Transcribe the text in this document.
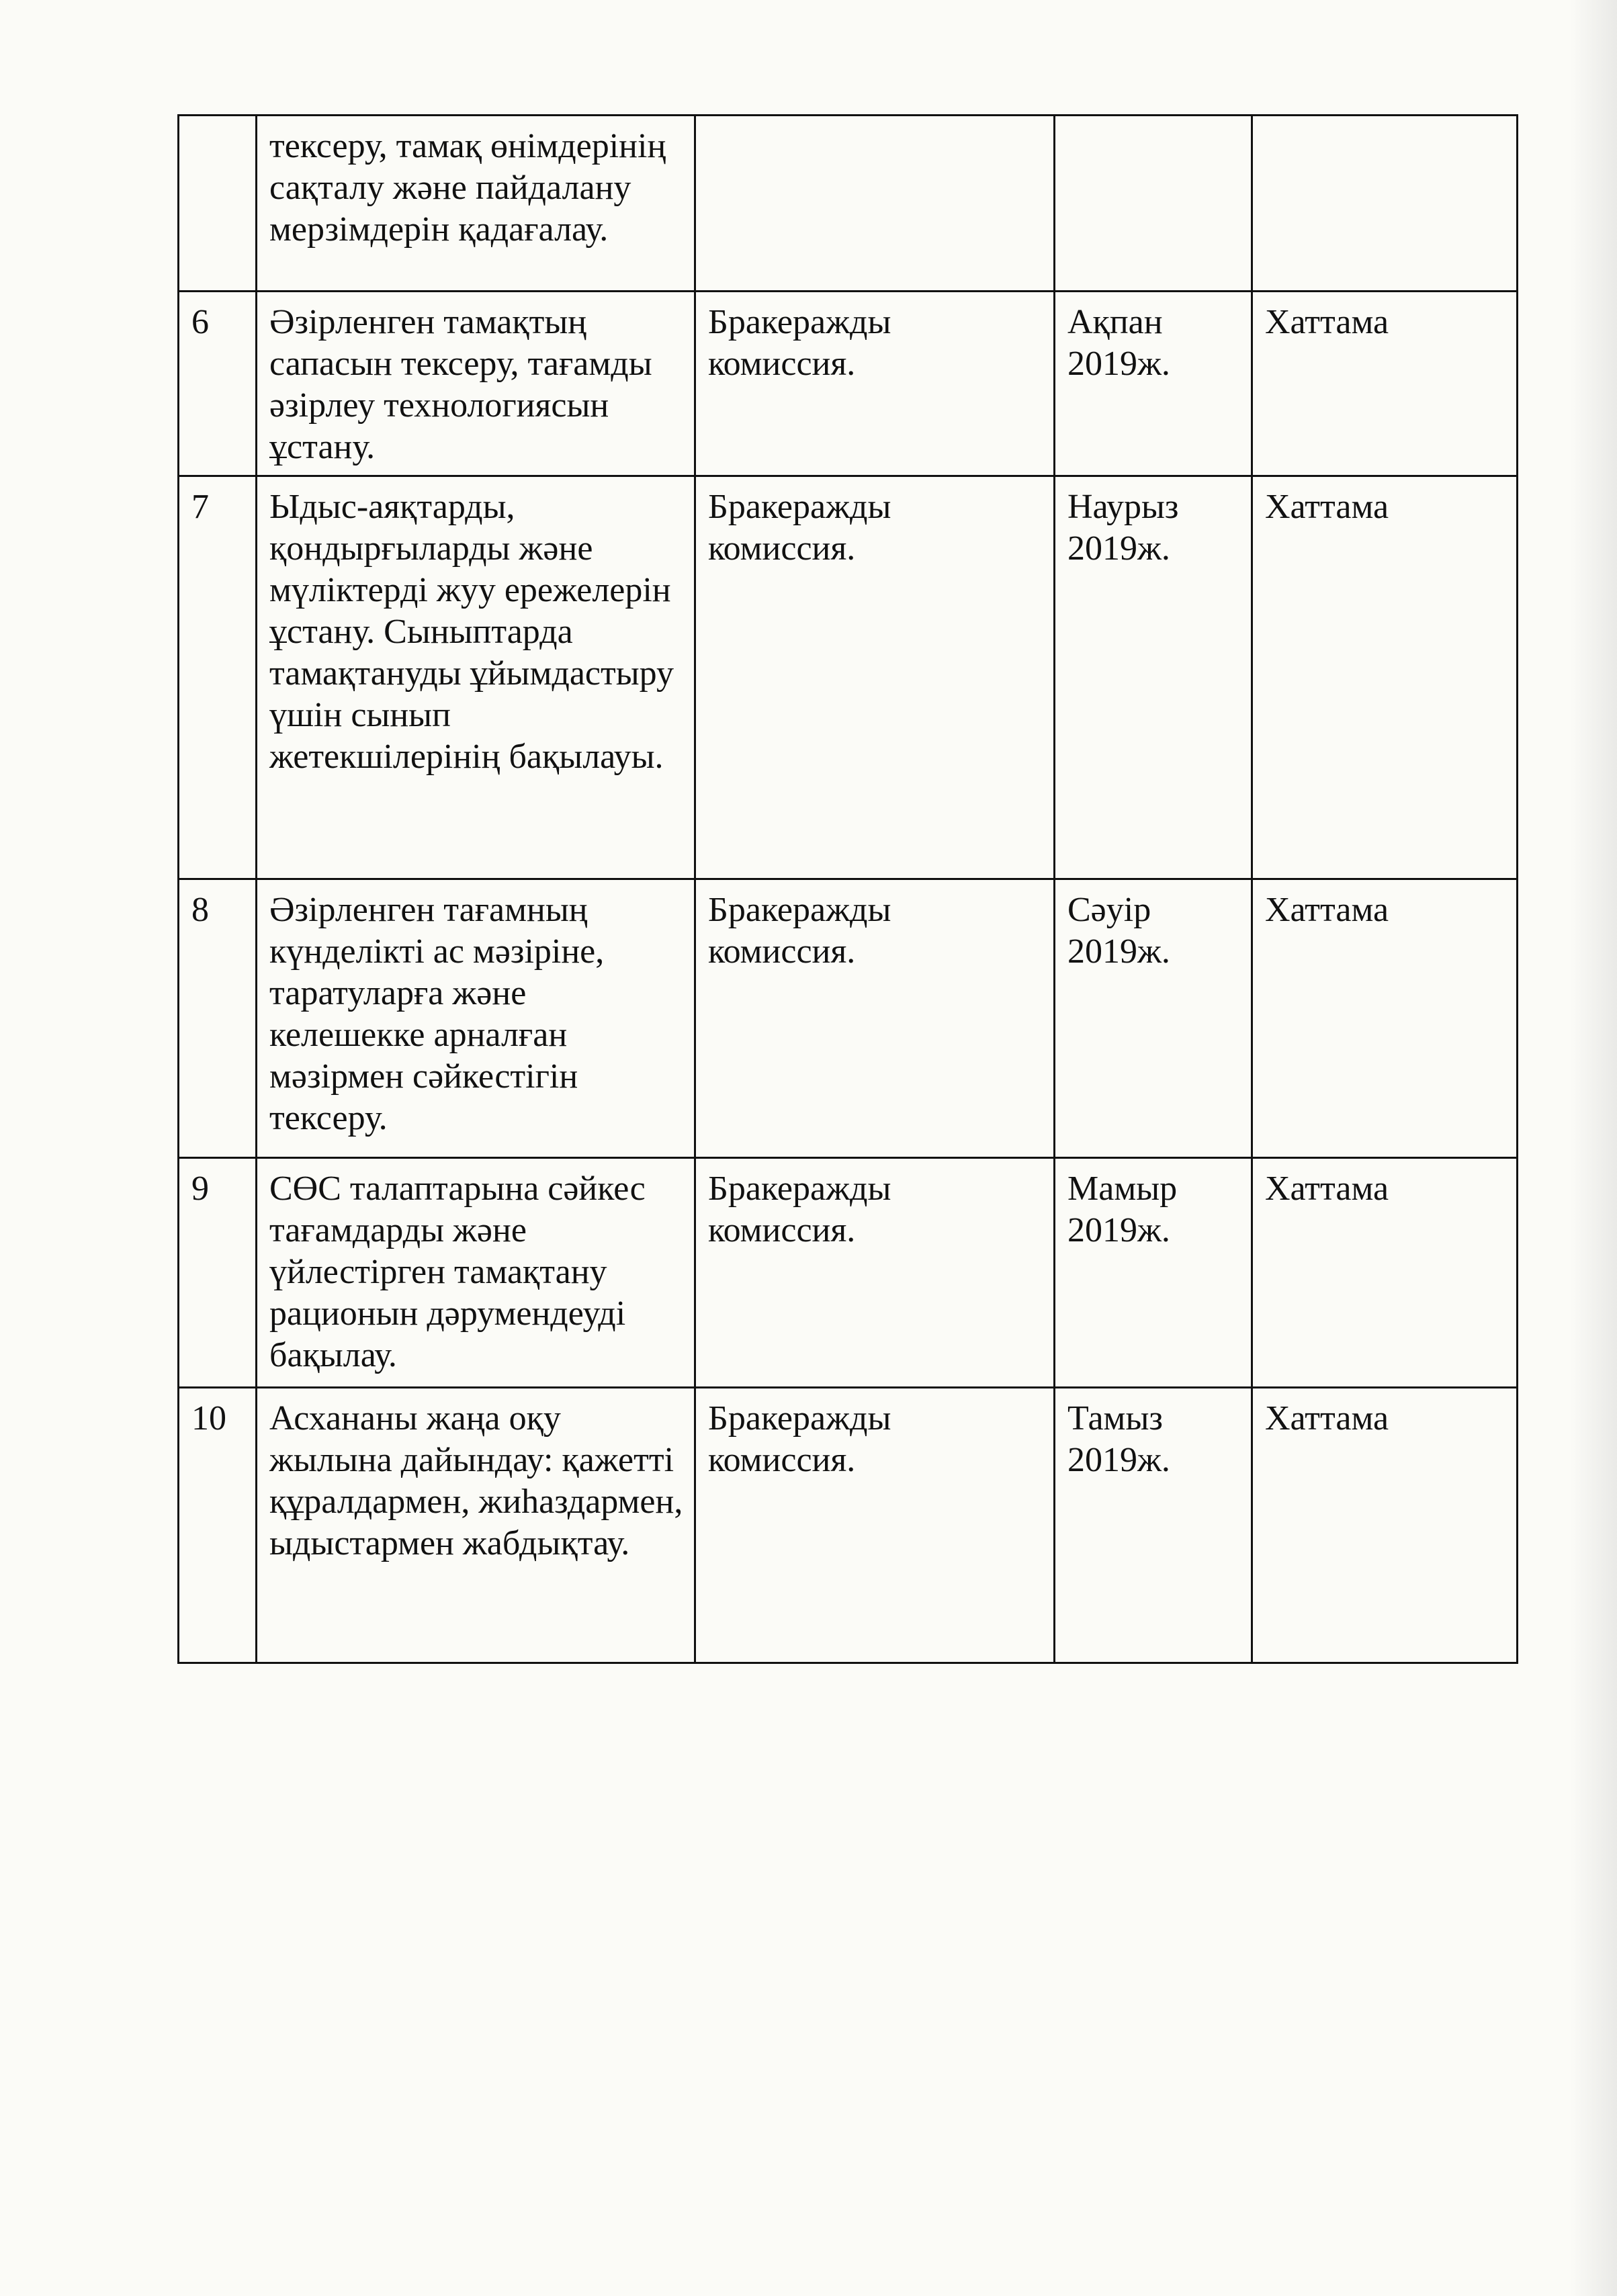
	тексеру, тамақ өнімдерінің сақталу және пайдалану мерзімдерін қадағалау.			
6	Әзірленген тамақтың сапасын тексеру, тағамды әзірлеу технологиясын ұстану.	Бракеражды комиссия.	Ақпан 2019ж.	Хаттама
7	Ыдыс-аяқтарды, қондырғыларды және мүліктерді жуу ережелерін ұстану. Сыныптарда тамақтануды ұйымдастыру үшін сынып жетекшілерінің бақылауы.	Бракеражды комиссия.	Наурыз 2019ж.	Хаттама
8	Әзірленген тағамның күнделікті ас мәзіріне, таратуларға және келешекке арналған мәзірмен сәйкестігін тексеру.	Бракеражды комиссия.	Сәуір 2019ж.	Хаттама
9	СӨС талаптарына сәйкес тағамдарды және үйлестірген тамақтану рационын дәрумендеуді бақылау.	Бракеражды комиссия.	Мамыр 2019ж.	Хаттама
10	Асхананы жаңа оқу жылына дайындау: қажетті құралдармен, жиһаздармен, ыдыстармен жабдықтау.	Бракеражды комиссия.	Тамыз 2019ж.	Хаттама
